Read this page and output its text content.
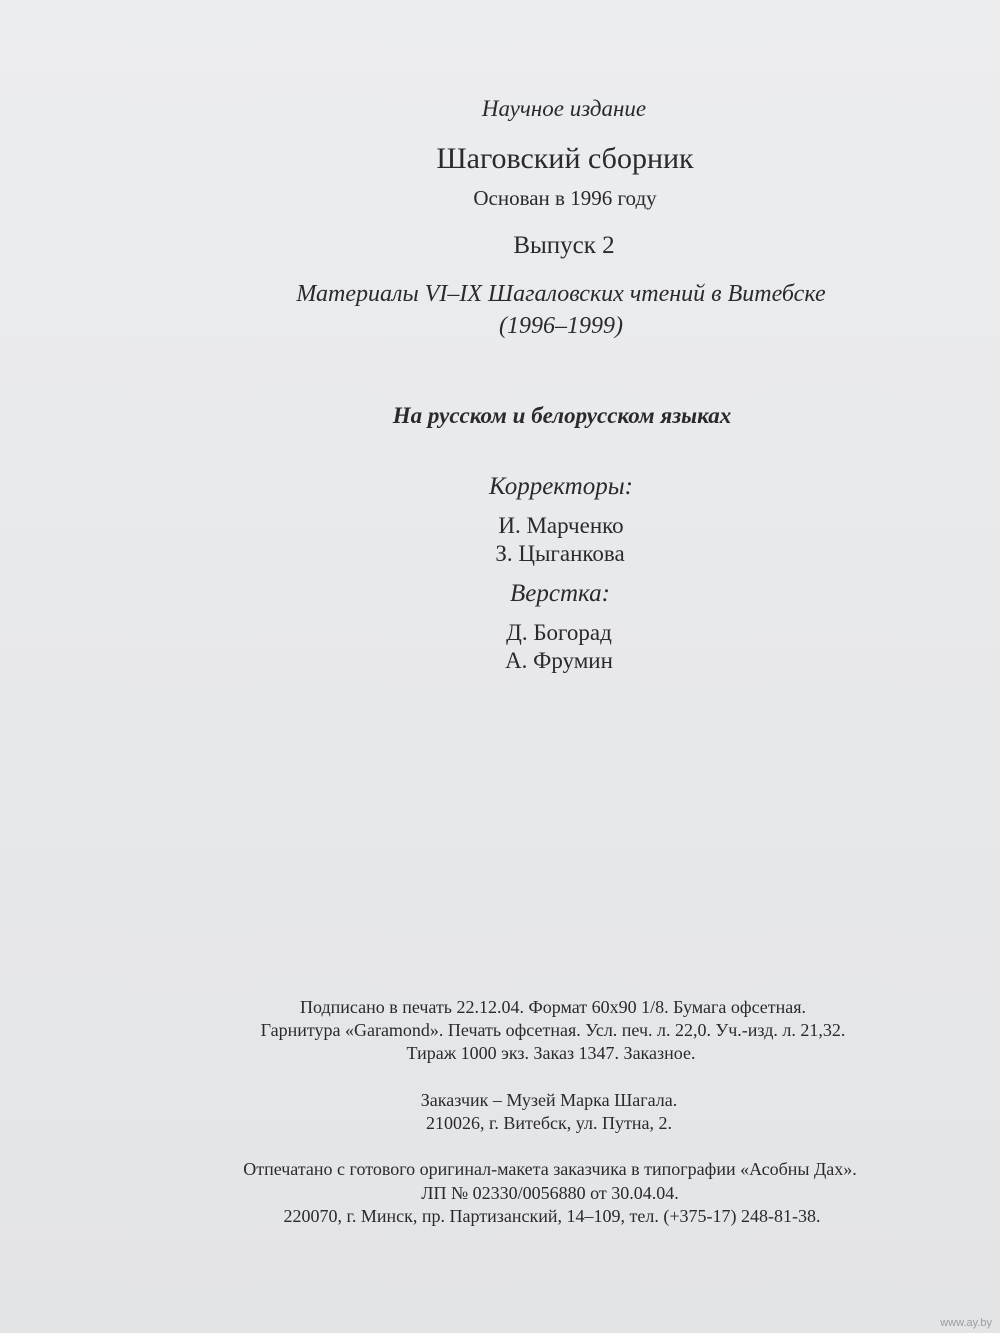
Научное издание
Шаговский сборник
Основан в 1996 году
Выпуск 2
Материалы VI–IX Шагаловских чтений в Витебске
(1996–1999)
На русском и белорусском языках
Корректоры:
И. Марченко
З. Цыганкова
Верстка:
Д. Богорад
А. Фрумин
Подписано в печать 22.12.04. Формат 60х90 1/8. Бумага офсетная.
Гарнитура «Garamond». Печать офсетная. Усл. печ. л. 22,0. Уч.-изд. л. 21,32.
Тираж 1000 экз. Заказ 1347. Заказное.
Заказчик – Музей Марка Шагала.
210026, г. Витебск, ул. Путна, 2.
Отпечатано с готового оригинал-макета заказчика в типографии «Асобны Дах».
ЛП № 02330/0056880 от 30.04.04.
220070, г. Минск, пр. Партизанский, 14–109, тел. (+375-17) 248-81-38.
www.ay.by
